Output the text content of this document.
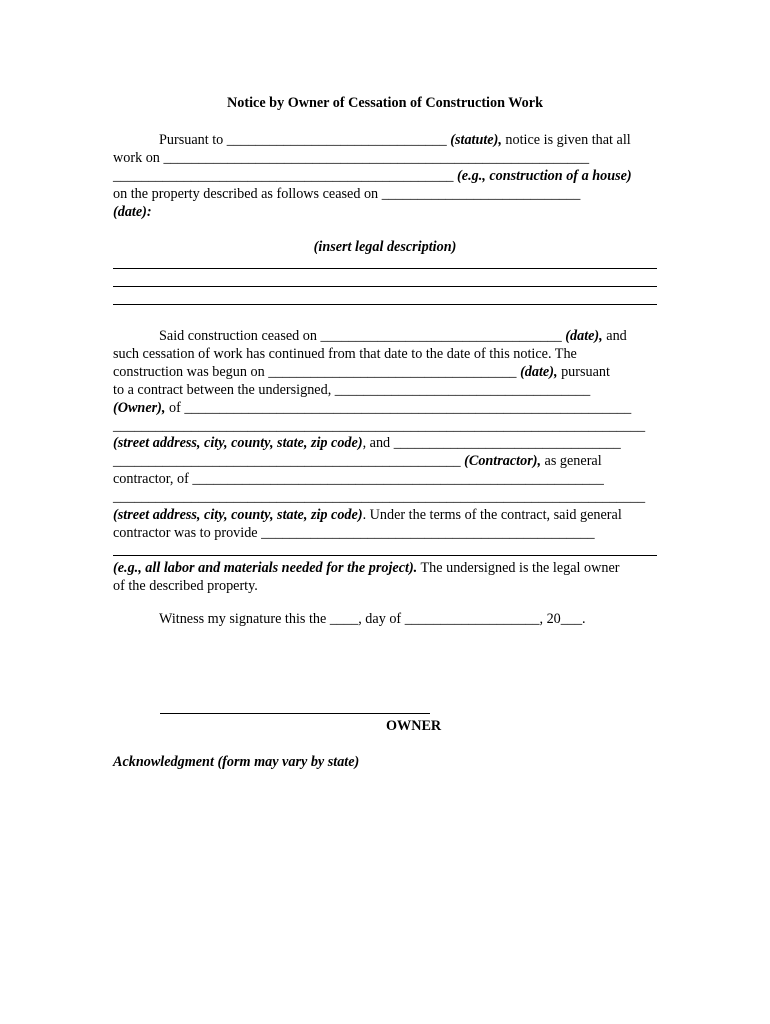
Notice by Owner of Cessation of Construction Work
Pursuant to _______________________________ (statute), notice is given that all
work on ____________________________________________________________
________________________________________________ (e.g., construction of a house)
on the property described as follows ceased on ____________________________
(date):
(insert legal description)
Said construction ceased on __________________________________ (date), and
such cessation of work has continued from that date to the date of this notice. The
construction was begun on ___________________________________ (date), pursuant
to a contract between the undersigned, ____________________________________
(Owner), of _______________________________________________________________
___________________________________________________________________________
(street address, city, county, state, zip code), and ________________________________
_________________________________________________ (Contractor), as general
contractor, of __________________________________________________________
___________________________________________________________________________
(street address, city, county, state, zip code). Under the terms of the contract, said general
contractor was to provide _______________________________________________
(e.g., all labor and materials needed for the project). The undersigned is the legal owner
of the described property.
Witness my signature this the ____, day of ___________________, 20___.
OWNER
Acknowledgment (form may vary by state)
